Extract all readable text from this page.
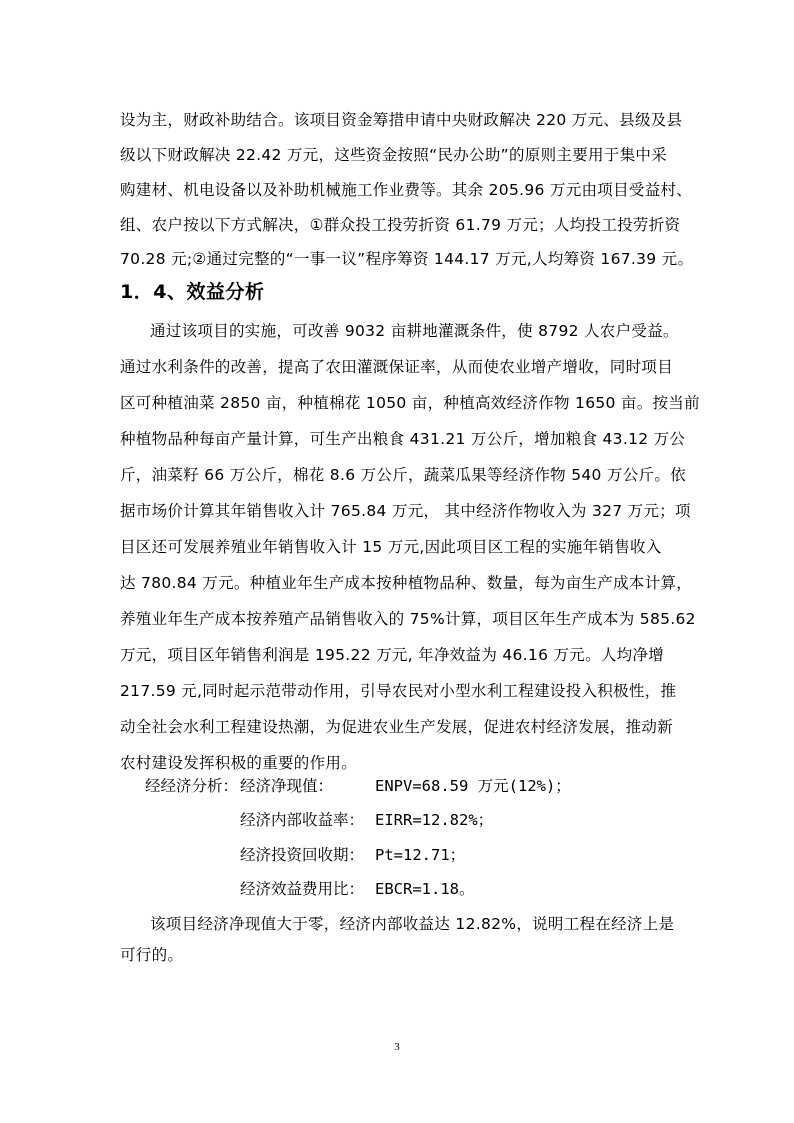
设为主，财政补助结合。该项目资金筹措申请中央财政解决 220 万元、县级及县
级以下财政解决 22.42 万元，这些资金按照“民办公助”的原则主要用于集中采
购建材、机电设备以及补助机械施工作业费等。其余 205.96 万元由项目受益村、
组、农户按以下方式解决，①群众投工投劳折资 61.79 万元；人均投工投劳折资
70.28 元;②通过完整的“一事一议”程序筹资 144.17 万元,人均筹资 167.39 元。
1．4、效益分析
通过该项目的实施，可改善 9032 亩耕地灌溉条件，使 8792 人农户受益。
通过水利条件的改善，提高了农田灌溉保证率，从而使农业增产增收，同时项目
区可种植油菜 2850 亩，种植棉花 1050 亩，种植高效经济作物 1650 亩。按当前
种植物品种每亩产量计算，可生产出粮食 431.21 万公斤，增加粮食 43.12 万公
斤，油菜籽 66 万公斤，棉花 8.6 万公斤，蔬菜瓜果等经济作物 540 万公斤。依
据市场价计算其年销售收入计 765.84 万元， 其中经济作物收入为 327 万元；项
目区还可发展养殖业年销售收入计 15 万元,因此项目区工程的实施年销售收入
达 780.84 万元。种植业年生产成本按种植物品种、数量，每为亩生产成本计算，
养殖业年生产成本按养殖产品销售收入的 75%计算，项目区年生产成本为 585.62
万元，项目区年销售利润是 195.22 万元, 年净效益为 46.16 万元。人均净增
217.59 元,同时起示范带动作用，引导农民对小型水利工程建设投入积极性，推
动全社会水利工程建设热潮，为促进农业生产发展，促进农村经济发展，推动新
农村建设发挥积极的重要的作用。
经经济分析： 经济净现值：	ENPV=68.59 万元(12%)；
经济内部收益率： EIRR=12.82%；
经济投资回收期： Pt=12.71；
经济效益费用比： EBCR=1.18。
该项目经济净现值大于零，经济内部收益达 12.82%，说明工程在经济上是
可行的。
3
